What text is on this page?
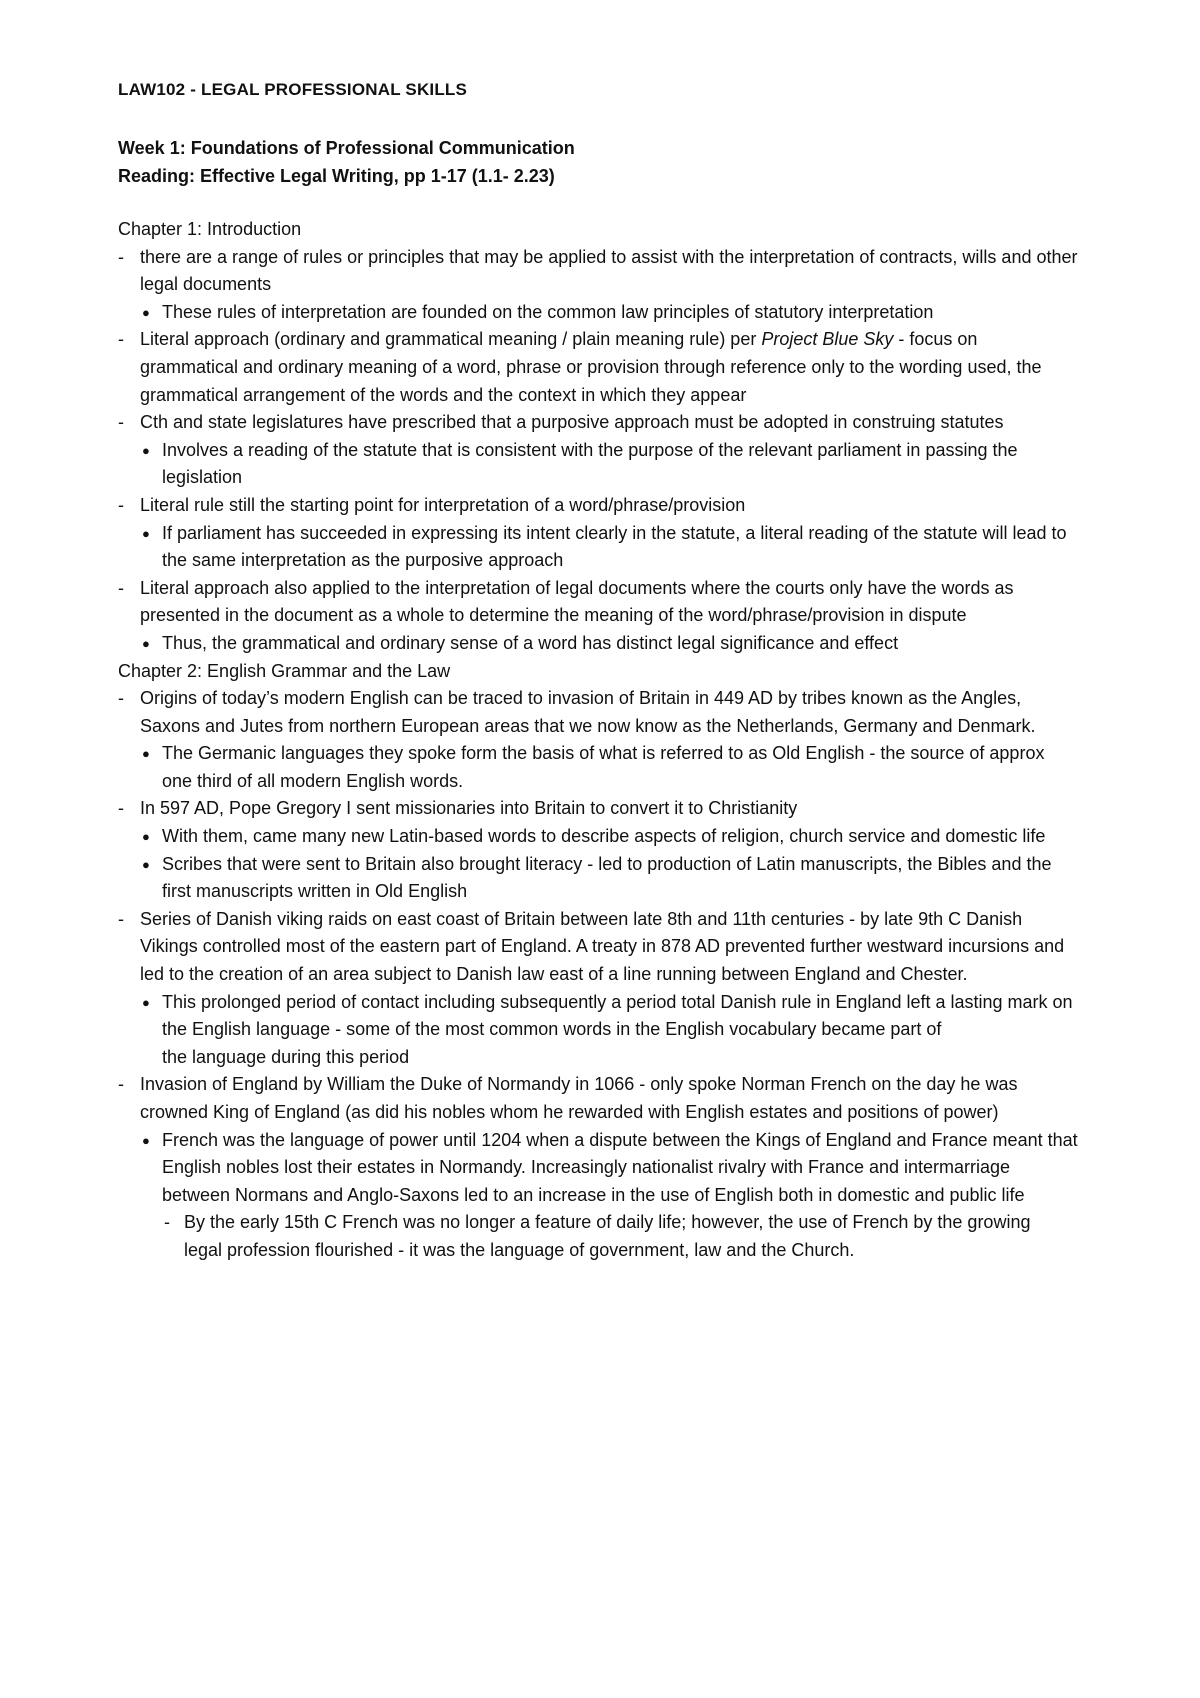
LAW102 - LEGAL PROFESSIONAL SKILLS
Week 1: Foundations of Professional Communication
Reading: Effective Legal Writing, pp 1-17 (1.1- 2.23)
Chapter 1: Introduction
- there are a range of rules or principles that may be applied to assist with the interpretation of contracts, wills and other legal documents
● These rules of interpretation are founded on the common law principles of statutory interpretation
- Literal approach (ordinary and grammatical meaning / plain meaning rule) per Project Blue Sky - focus on
grammatical and ordinary meaning of a word, phrase or provision through reference only to the wording used, the grammatical arrangement of the words and the context in which they appear
- Cth and state legislatures have prescribed that a purposive approach must be adopted in construing statutes
● Involves a reading of the statute that is consistent with the purpose of the relevant parliament in passing the legislation
- Literal rule still the starting point for interpretation of a word/phrase/provision
● If parliament has succeeded in expressing its intent clearly in the statute, a literal reading of the statute will lead to the same interpretation as the purposive approach
- Literal approach also applied to the interpretation of legal documents where the courts only have the words as presented in the document as a whole to determine the meaning of the word/phrase/provision in dispute
● Thus, the grammatical and ordinary sense of a word has distinct legal significance and effect
Chapter 2: English Grammar and the Law
- Origins of today’s modern English can be traced to invasion of Britain in 449 AD by tribes known as the Angles,
Saxons and Jutes from northern European areas that we now know as the Netherlands, Germany and Denmark.
● The Germanic languages they spoke form the basis of what is referred to as Old English - the source of approx one third of all modern English words.
- In 597 AD, Pope Gregory I sent missionaries into Britain to convert it to Christianity
● With them, came many new Latin-based words to describe aspects of religion, church service and domestic life
● Scribes that were sent to Britain also brought literacy - led to production of Latin manuscripts, the Bibles and the first manuscripts written in Old English
- Series of Danish viking raids on east coast of Britain between late 8th and 11th centuries - by late 9th C Danish
Vikings controlled most of the eastern part of England. A treaty in 878 AD prevented further westward incursions and led to the creation of an area subject to Danish law east of a line running between England and Chester.
● This prolonged period of contact including subsequently a period total Danish rule in England left a lasting mark on the English language - some of the most common words in the English vocabulary became part of
the language during this period
- Invasion of England by William the Duke of Normandy in 1066 - only spoke Norman French on the day he was crowned King of England (as did his nobles whom he rewarded with English estates and positions of power)
● French was the language of power until 1204 when a dispute between the Kings of England and France meant that English nobles lost their estates in Normandy. Increasingly nationalist rivalry with France and intermarriage between Normans and Anglo-Saxons led to an increase in the use of English both in domestic and public life
- By the early 15th C French was no longer a feature of daily life; however, the use of French by the growing
legal profession flourished - it was the language of government, law and the Church.
